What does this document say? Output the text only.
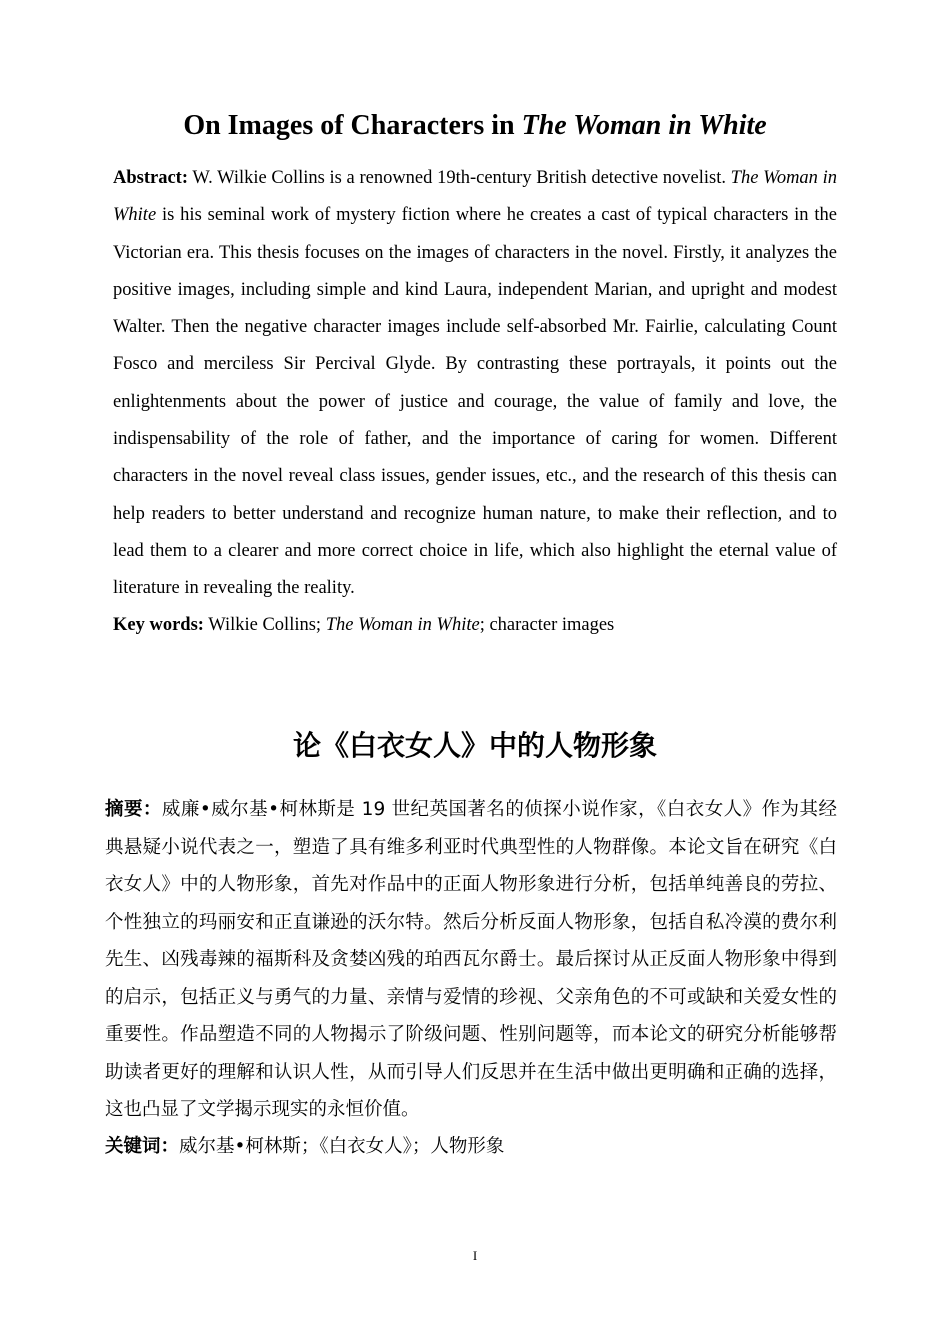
On Images of Characters in The Woman in White

Abstract: W. Wilkie Collins is a renowned 19th-century British detective novelist. The Woman in White is his seminal work of mystery fiction where he creates a cast of typical characters in the Victorian era. This thesis focuses on the images of characters in the novel. Firstly, it analyzes the positive images, including simple and kind Laura, independent Marian, and upright and modest Walter. Then the negative character images include self-absorbed Mr. Fairlie, calculating Count Fosco and merciless Sir Percival Glyde. By contrasting these portrayals, it points out the enlightenments about the power of justice and courage, the value of family and love, the indispensability of the role of father, and the importance of caring for women. Different characters in the novel reveal class issues, gender issues, etc., and the research of this thesis can help readers to better understand and recognize human nature, to make their reflection, and to lead them to a clearer and more correct choice in life, which also highlight the eternal value of literature in revealing the reality.

Key words: Wilkie Collins; The Woman in White; character images
论《白衣女人》中的人物形象

摘要：威廉•威尔基•柯林斯是 19 世纪英国著名的侦探小说作家，《白衣女人》作为其经典悬疑小说代表之一，塑造了具有维多利亚时代典型性的人物群像。本论文旨在研究《白衣女人》中的人物形象，首先对作品中的正面人物形象进行分析，包括单纯善良的劳拉、个性独立的玛丽安和正直谦逊的沃尔特。然后分析反面人物形象，包括自私冷漠的费尔利先生、凶残毒辣的福斯科及贪婪凶残的珀西瓦尔爵士。最后探讨从正反面人物形象中得到的启示，包括正义与勇气的力量、亲情与爱情的珍视、父亲角色的不可或缺和关爱女性的重要性。作品塑造不同的人物揭示了阶级问题、性别问题等，而本论文的研究分析能够帮助读者更好的理解和认识人性，从而引导人们反思并在生活中做出更明确和正确的选择，这也凸显了文学揭示现实的永恒价值。

关键词：威尔基•柯林斯；《白衣女人》；人物形象
I
